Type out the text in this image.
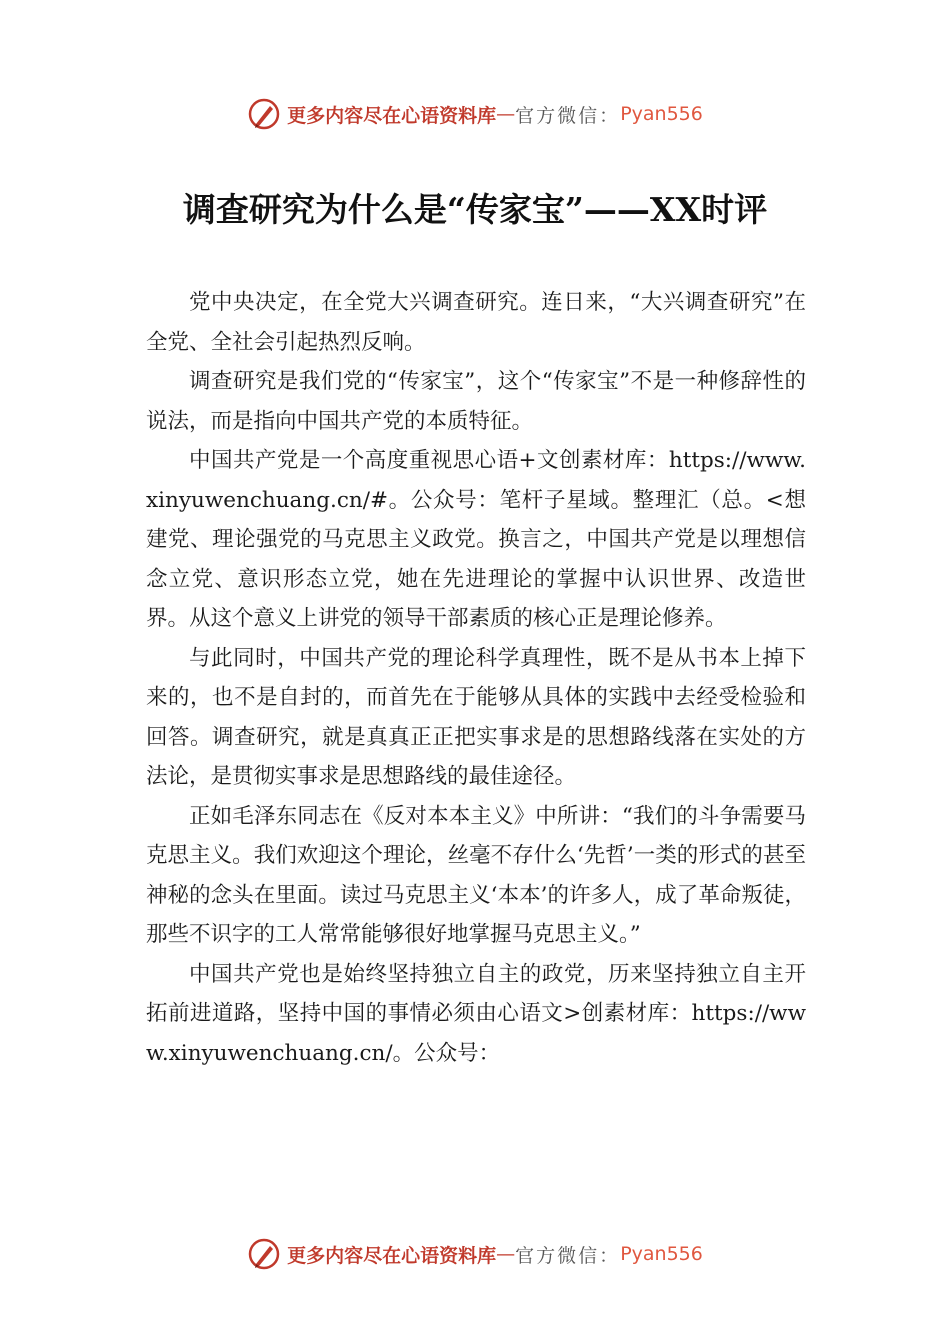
更多内容尽在心语资料库 — 官方微信： Pyan556
调查研究为什么是“传家宝”——XX时评

党中央决定，在全党大兴调查研究。连日来，“大兴调查研究”在全党、全社会引起热烈反响。

调查研究是我们党的“传家宝”，这个“传家宝”不是一种修辞性的说法，而是指向中国共产党的本质特征。

中国共产党是一个高度重视思心语+文创素材库：https://www.xinyuwenchuang.cn/#。公众号：笔杆子星域。整理汇（总。<想建党、理论强党的马克思主义政党。换言之，中国共产党是以理想信念立党、意识形态立党，她在先进理论的掌握中认识世界、改造世界。从这个意义上讲党的领导干部素质的核心正是理论修养。

与此同时，中国共产党的理论科学真理性，既不是从书本上掉下来的，也不是自封的，而首先在于能够从具体的实践中去经受检验和回答。调查研究，就是真真正正把实事求是的思想路线落在实处的方法论，是贯彻实事求是思想路线的最佳途径。

正如毛泽东同志在《反对本本主义》中所讲：“我们的斗争需要马克思主义。我们欢迎这个理论，丝毫不存什么‘先哲’一类的形式的甚至神秘的念头在里面。读过马克思主义‘本本’的许多人，成了革命叛徒，那些不识字的工人常常能够很好地掌握马克思主义。”

中国共产党也是始终坚持独立自主的政党，历来坚持独立自主开拓前进道路，坚持中国的事情必须由心语文>创素材库：https://www.xinyuwenchuang.cn/。公众号：

更多内容尽在心语资料库 — 官方微信： Pyan556
